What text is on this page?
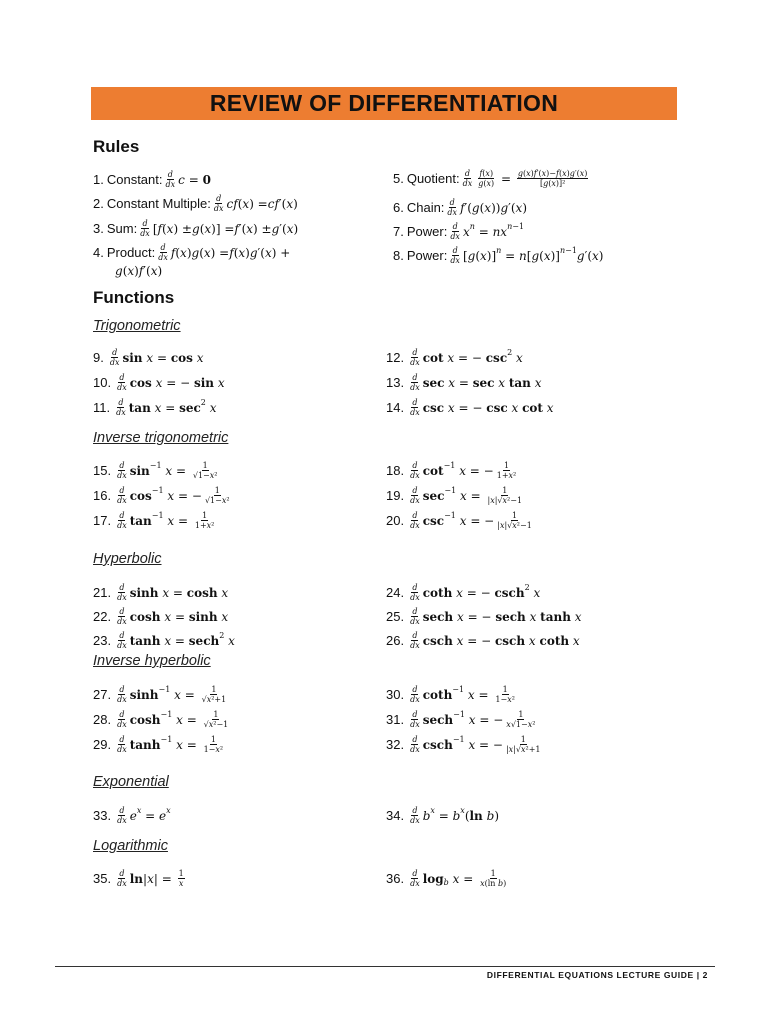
REVIEW OF DIFFERENTIATION
Rules
1. Constant: $\frac{d}{dx}$ c = 0
2. Constant Multiple: $\frac{d}{dx}$ cf ( x ) = cf ′( x )
3. Sum: $\frac{d}{dx}$ [ f ( x ) ± g ( x )] = f ′( x ) ± g ′( x )
4. Product: $\frac{d}{dx}$ f ( x ) g ( x ) = f ( x ) g ′( x ) +
g ( x ) f ′( x )
5. Quotient: $\frac{d}{dx} \frac{f(x)}{g(x)} = \frac{g(x)f'(x)-f(x)g'(x)}{\text{[g(x)]²}}$
6. Chain: $\frac{d}{dx}$ f ′( g ( x )) g ′( x )
7. Power: $\frac{d}{dx}$ x n = nx n−1
8. Power: $\frac{d}{dx}$ [ g ( x )] n = n [ g ( x )] n−1 g ′( x )
Functions
Trigonometric
9. $\frac{d}{dx}$ sin
x = cos
x
10. $\frac{d}{dx}$ cos
x = − sin
x
11. $\frac{d}{dx}$ tan
x = sec 2
x
12. $\frac{d}{dx}$ cot
x = − csc 2
x
13. $\frac{d}{dx}$ sec
x = sec
x
tan
x
14. $\frac{d}{dx}$ csc
x = − csc
x
cot
x
Inverse trigonometric
15. $\frac{d}{dx}$ sin −1
$x = \frac{1}{\text{√1−x²}}$
16. $\frac{d}{dx}$ cos −1
x = − $\frac{1}{\text{√1−x²}}$
17. $\frac{d}{dx}$ tan −1
$x = \frac{1}{\text{1+x²}}$
18. $\frac{d}{dx}$ cot −1
x = − $\frac{1}{\text{1+x²}}$
19. $\frac{d}{dx}$ sec −1
$x = \frac{1}{\text{|x|√x²−1}}$
20. $\frac{d}{dx}$ csc −1
x = − $\frac{1}{\text{|x|√x²−1}}$
Hyperbolic
21. $\frac{d}{dx}$ sinh
x = cosh
x
22. $\frac{d}{dx}$ cosh
x = sinh
x
23. $\frac{d}{dx}$ tanh
x = sech 2
x
24. $\frac{d}{dx}$ coth
x = − csch 2
x
25. $\frac{d}{dx}$ sech
x = − sech
x
tanh
x
26. $\frac{d}{dx}$ csch
x = − csch
x
coth
x
Inverse hyperbolic
27. $\frac{d}{dx}$ sinh −1
$x = \frac{1}{\text{√x²+1}}$
28. $\frac{d}{dx}$ cosh −1
$x = \frac{1}{\text{√x²−1}}$
29. $\frac{d}{dx}$ tanh −1
$x = \frac{1}{\text{1−x²}}$
30. $\frac{d}{dx}$ coth −1
$x = \frac{1}{\text{1−x²}}$
31. $\frac{d}{dx}$ sech −1
x = − $\frac{1}{\text{x√1−x²}}$
32. $\frac{d}{dx}$ csch −1
x = − $\frac{1}{\text{|x|√x²+1}}$
Exponential
33. $\frac{d}{dx}$ e x = e x	34. $\frac{d}{dx}$ b x = b x ( ln
b )
Logarithmic
35. $\frac{d}{dx}$ ln | x | = $\frac{1}{x}$	36. $\frac{d}{dx}$ log b
$x = \frac{1}{\text{x(ln b)}}$
DIFFERENTIAL EQUATIONS LECTURE GUIDE | 2
